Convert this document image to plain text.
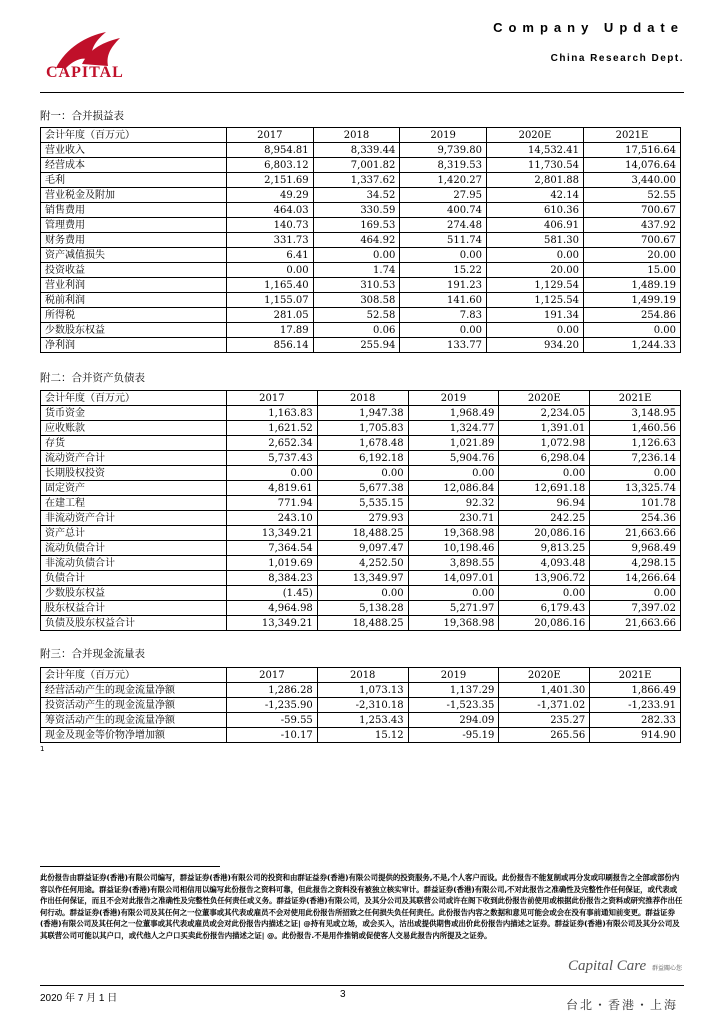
CAPITAL
Company Update
China Research Dept.
附一：合并损益表
会计年度（百万元）	2017	2018	2019	2020E	2021E
营业收入	8,954.81	8,339.44	9,739.80	14,532.41	17,516.64
经营成本	6,803.12	7,001.82	8,319.53	11,730.54	14,076.64
毛利	2,151.69	1,337.62	1,420.27	2,801.88	3,440.00
营业税金及附加	49.29	34.52	27.95	42.14	52.55
销售费用	464.03	330.59	400.74	610.36	700.67
管理费用	140.73	169.53	274.48	406.91	437.92
财务费用	331.73	464.92	511.74	581.30	700.67
资产减值损失	6.41	0.00	0.00	0.00	20.00
投资收益	0.00	1.74	15.22	20.00	15.00
营业利润	1,165.40	310.53	191.23	1,129.54	1,489.19
税前利润	1,155.07	308.58	141.60	1,125.54	1,499.19
所得税	281.05	52.58	7.83	191.34	254.86
少数股东权益	17.89	0.06	0.00	0.00	0.00
净利润	856.14	255.94	133.77	934.20	1,244.33
附二：合并资产负债表
会计年度（百万元）	2017	2018	2019	2020E	2021E
货币资金	1,163.83	1,947.38	1,968.49	2,234.05	3,148.95
应收账款	1,621.52	1,705.83	1,324.77	1,391.01	1,460.56
存货	2,652.34	1,678.48	1,021.89	1,072.98	1,126.63
流动资产合计	5,737.43	6,192.18	5,904.76	6,298.04	7,236.14
长期股权投资	0.00	0.00	0.00	0.00	0.00
固定资产	4,819.61	5,677.38	12,086.84	12,691.18	13,325.74
在建工程	771.94	5,535.15	92.32	96.94	101.78
非流动资产合计	243.10	279.93	230.71	242.25	254.36
资产总计	13,349.21	18,488.25	19,368.98	20,086.16	21,663.66
流动负债合计	7,364.54	9,097.47	10,198.46	9,813.25	9,968.49
非流动负债合计	1,019.69	4,252.50	3,898.55	4,093.48	4,298.15
负债合计	8,384.23	13,349.97	14,097.01	13,906.72	14,266.64
少数股东权益	(1.45)	0.00	0.00	0.00	0.00
股东权益合计	4,964.98	5,138.28	5,271.97	6,179.43	7,397.02
负债及股东权益合计	13,349.21	18,488.25	19,368.98	20,086.16	21,663.66
附三：合并现金流量表
会计年度（百万元）	2017	2018	2019	2020E	2021E
经营活动产生的现金流量净额	1,286.28	1,073.13	1,137.29	1,401.30	1,866.49
投资活动产生的现金流量净额	-1,235.90	-2,310.18	-1,523.35	-1,371.02	-1,233.91
筹资活动产生的现金流量净额	-59.55	1,253.43	294.09	235.27	282.33
现金及现金等价物净增加额	-10.17	15.12	-95.19	265.56	914.90
1
此份报告由群益证券(香港)有限公司编写，群益证券(香港)有限公司的投资和由群证益券(香港)有限公司提供的投资服务,不是,个人客户而设。此份报告不能复制或再分发或印刷报告之全部或部份内容以作任何用途。群益证券(香港)有限公司相信用以编写此份报告之资料可靠，但此报告之资料没有被独立核实审计。群益证券(香港)有限公司,不对此报告之准确性及完整性作任何保证，或代表或作出任何保证，而且不会对此报告之准确性及完整性负任何责任或义务。群益证券(香港)有限公司，及其分公司及其联营公司或许在阁下收到此份报告前使用或根据此份报告之资料或研究推荐作出任何行动。群益证券(香港)有限公司及其任何之一位董事或其代表或雇员不会对使用此份报告所招致之任何损失负任何责任。此份报告内容之数据和意见可能会或会在没有事前通知前变更。群益证券(香港)有限公司及其任何之一位董事或其代表或雇员或会对此份报告内描述之证| @持有见或立场，或会买入，沽出或提供期售或出价此份报告内描述之证券。群益证券(香港)有限公司及其分公司及其联营公司可能以其户口，或代他人之户口买卖此份报告内描述之证| @。此份报告.不是用作推销或促使客人交易此报告内所提及之证券。
Capital Care 群益關心您
2020 年 7 月 1 日	3
台北・香港・上海
